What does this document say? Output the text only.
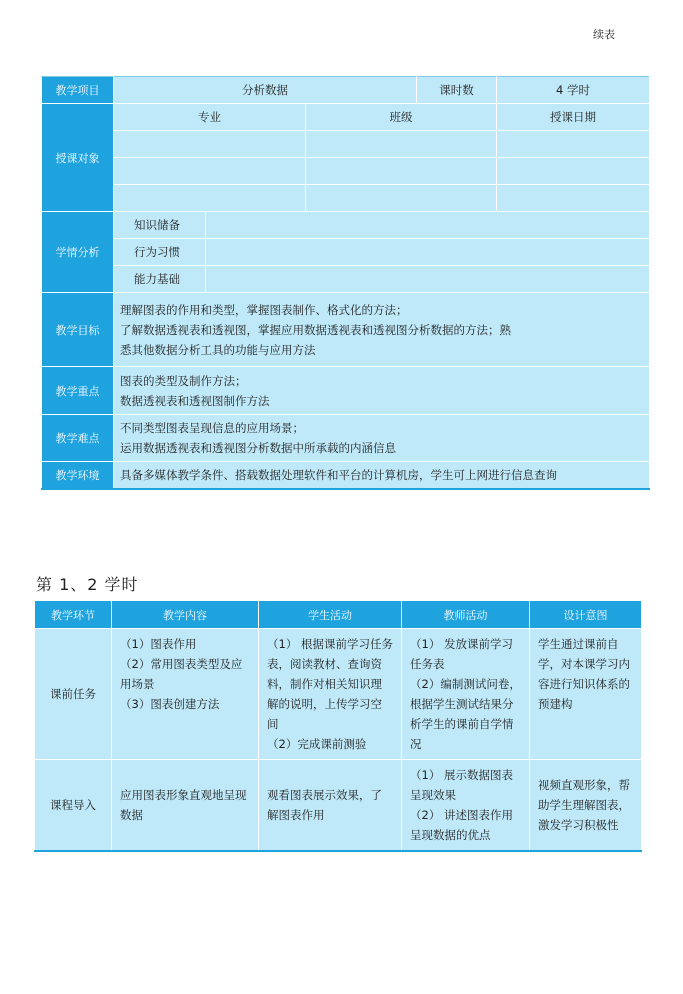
续表
教学项目	分析数据			课时数	4 学时
授课对象	专业		班级		授课日期

学情分析	知识储备				
	行为习惯				
	能力基础				
教学目标	理解图表的作用和类型，掌握图表制作、格式化的方法；
了解数据透视表和透视图，掌握应用数据透视表和透视图分析数据的方法；熟
悉其他数据分析工具的功能与应用方法				

教学重点	图表的类型及制作方法；
数据透视表和透视图制作方法				

教学难点	不同类型图表呈现信息的应用场景；
运用数据透视表和透视图分析数据中所承载的内涵信息				

教学环境	具备多媒体教学条件、搭载数据处理软件和平台的计算机房，学生可上网进行信息查询				
第 1、2 学时
教学环节	教学内容	学生活动	教师活动	设计意图
课前任务	（1）图表作用
（2）常用图表类型及应用场景
（3）图表创建方法	（1） 根据课前学习任务表，阅读教材、查询资料，制作对相关知识理解的说明，上传学习空间
（2）完成课前测验	（1） 发放课前学习任务表
（2）编制测试问卷，根据学生测试结果分析学生的课前自学情况	学生通过课前自学，对本课学习内容进行知识体系的预建构

课程导入	应用图表形象直观地呈现数据	观看图表展示效果，了解图表作用	（1） 展示数据图表呈现效果
（2） 讲述图表作用呈现数据的优点	视频直观形象，帮助学生理解图表，激发学习积极性
